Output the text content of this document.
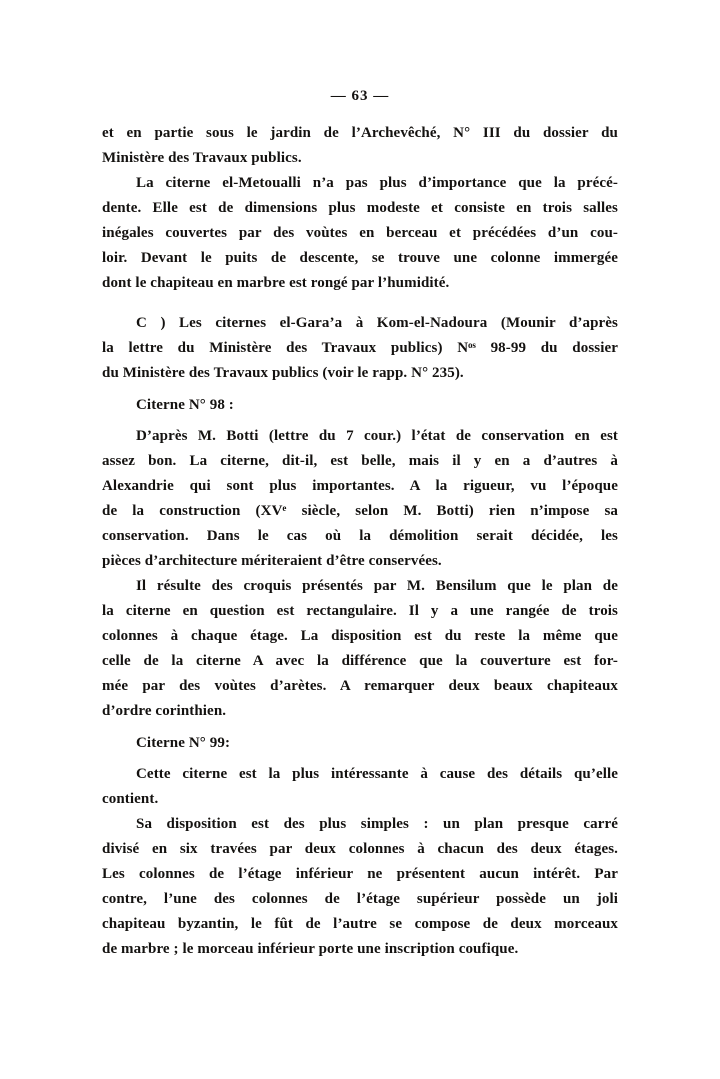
— 63 —
et en partie sous le jardin de l’Archevêché, N° III du dossier du
Ministère des Travaux publics.
La citerne el-Metoualli n’a pas plus d’importance que la précé-
dente. Elle est de dimensions plus modeste et consiste en trois salles
inégales couvertes par des voùtes en berceau et précédées d’un cou-
loir. Devant le puits de descente, se trouve une colonne immergée
dont le chapiteau en marbre est rongé par l’humidité.
C ) Les citernes el-Gara’a à Kom-el-Nadoura (Mounir d’après
la lettre du Ministère des Travaux publics) Nᵒˢ 98-99 du dossier
du Ministère des Travaux publics (voir le rapp. N° 235).
Citerne N° 98 :
D’après M. Botti (lettre du 7 cour.) l’état de conservation en est
assez bon. La citerne, dit-il, est belle, mais il y en a d’autres à
Alexandrie qui sont plus importantes. A la rigueur, vu l’époque
de la construction (XVᵉ siècle, selon M. Botti) rien n’impose sa
conservation. Dans le cas où la démolition serait décidée, les
pièces d’architecture mériteraient d’être conservées.
Il résulte des croquis présentés par M. Bensilum que le plan de
la citerne en question est rectangulaire. Il y a une rangée de trois
colonnes à chaque étage. La disposition est du reste la même que
celle de la citerne A avec la différence que la couverture est for-
mée par des voùtes d’arètes. A remarquer deux beaux chapiteaux
d’ordre corinthien.
Citerne N° 99:
Cette citerne est la plus intéressante à cause des détails qu’elle
contient.
Sa disposition est des plus simples : un plan presque carré
divisé en six travées par deux colonnes à chacun des deux étages.
Les colonnes de l’étage inférieur ne présentent aucun intérêt. Par
contre, l’une des colonnes de l’étage supérieur possède un joli
chapiteau byzantin, le fût de l’autre se compose de deux morceaux
de marbre ; le morceau inférieur porte une inscription coufique.
